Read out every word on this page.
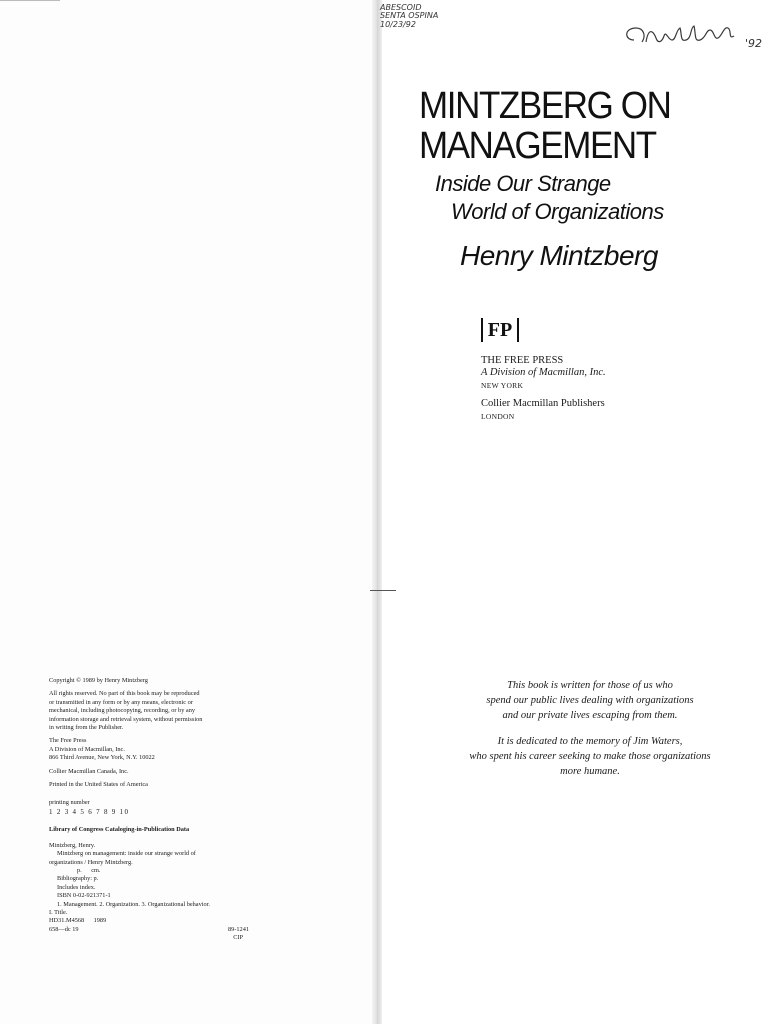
ABESCOID
SENTA OSPINA
10/23/92
'92
MINTZBERG ON
MANAGEMENT
Inside Our Strange
World of Organizations
Henry Mintzberg
FP
THE FREE PRESS
A Division of Macmillan, Inc.
NEW YORK
Collier Macmillan Publishers
LONDON

This book is written for those of us who
spend our public lives dealing with organizations
and our private lives escaping from them.

It is dedicated to the memory of Jim Waters,
who spent his career seeking to make those organizations
more humane.

Copyright © 1989 by Henry Mintzberg
All rights reserved. No part of this book may be reproduced
or transmitted in any form or by any means, electronic or
mechanical, including photocopying, recording, or by any
information storage and retrieval system, without permission
in writing from the Publisher.
The Free Press
A Division of Macmillan, Inc.
866 Third Avenue, New York, N.Y. 10022
Collier Macmillan Canada, Inc.
Printed in the United States of America
printing number
1 2 3 4 5 6 7 8 9 10
Library of Congress Cataloging-in-Publication Data
Mintzberg, Henry.
Mintzberg on management: inside our strange world of
organizations / Henry Mintzberg.
p. cm.
Bibliography: p.
Includes index.
ISBN 0-02-921371-1
1. Management. 2. Organization. 3. Organizational behavior.
I. Title.
HD31.M4568 1989
658—dc 19	89-1241
CIP
